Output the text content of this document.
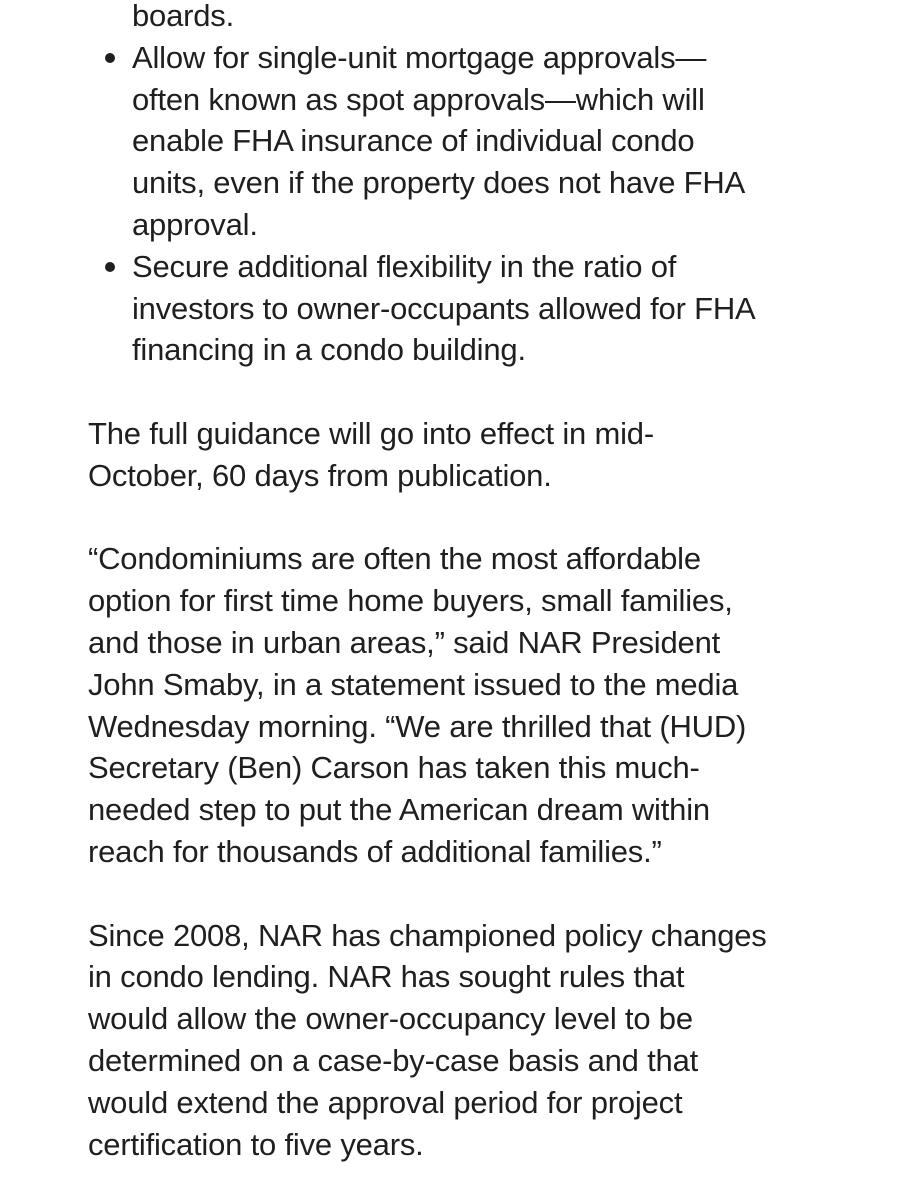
boards.
Allow for single-unit mortgage approvals—
often known as spot approvals—which will
enable FHA insurance of individual condo
units, even if the property does not have FHA
approval.
Secure additional flexibility in the ratio of
investors to owner-occupants allowed for FHA
financing in a condo building.

The full guidance will go into effect in mid-
October, 60 days from publication.

“Condominiums are often the most affordable
option for first time home buyers, small families,
and those in urban areas,” said NAR President
John Smaby, in a statement issued to the media
Wednesday morning. “We are thrilled that (HUD)
Secretary (Ben) Carson has taken this much-
needed step to put the American dream within
reach for thousands of additional families.”

Since 2008, NAR has championed policy changes
in condo lending. NAR has sought rules that
would allow the owner-occupancy level to be
determined on a case-by-case basis and that
would extend the approval period for project
certification to five years.
